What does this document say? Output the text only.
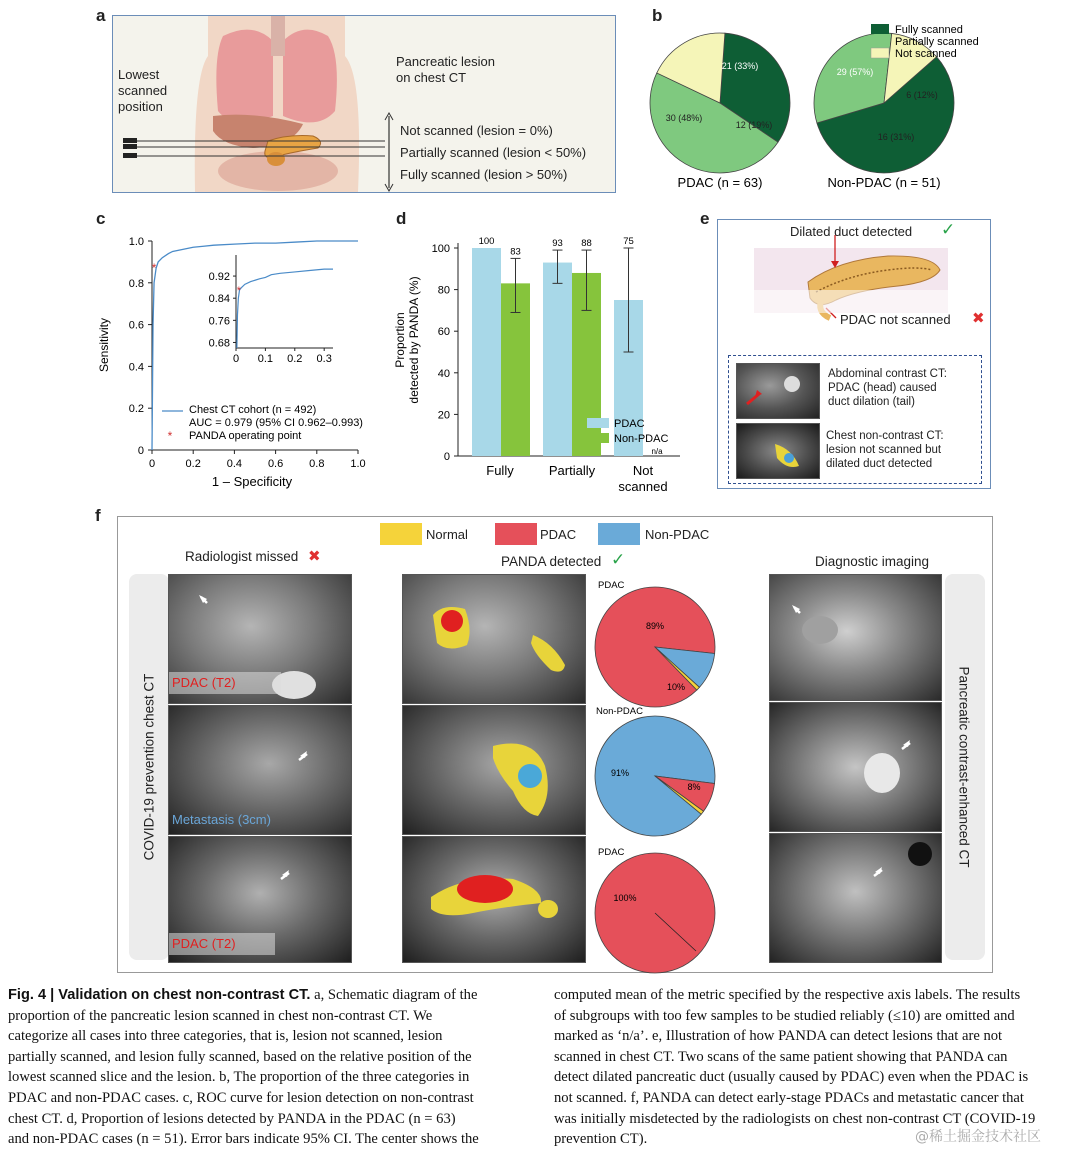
a
Lowest
scanned
position
Pancreatic lesion
on chest CT
Not scanned (lesion = 0%)
Partially scanned (lesion < 50%)
Fully scanned (lesion > 50%)
b
21 (33%)
30 (48%)
12 (19%)
29 (57%)
16 (31%)
6 (12%)
Fully scanned
Partially scanned
Not scanned
PDAC (n = 63)	Non-PDAC (n = 51)
c
Sensitivity
1 – Specificity
0	0.2 0.4 0.6 0.8 1.0
0
0.2
0.4
0.6
0.8
1.0
*
0 0.1 0.2 0.3
0.68
0.76
0.84
0.92
*
Chest CT cohort (n = 492)
AUC = 0.979 (95% CI 0.962–0.993)
* PANDA operating point
d
Proportion detected by PANDA (%)
0
20
40
60
80
100
100	93	75
83
88
n/a
Fully	Partially	Not
scanned
PDAC
Non-PDAC
e
Dilated duct detected ✓
PDAC not scanned ✖
Abdominal contrast CT:
PDAC (head) caused
duct dilation (tail)
Chest non-contrast CT:
lesion not scanned but
dilated duct detected
f
Normal	PDAC	Non-PDAC
Radiologist missed ✖	PANDA detected ✓	Diagnostic imaging
COVID-19 prevention chest CT	Pancreatic contrast-enhanced CT
PDAC (T2)
Metastasis (3cm)
PDAC (T2)
PDAC
Non-PDAC
PDAC
89%
10%
91%
8%
100%
Fig. 4 | Validation on chest non-contrast CT. a, Schematic diagram of the
proportion of the pancreatic lesion scanned in chest non-contrast CT. We
categorize all cases into three categories, that is, lesion not scanned, lesion
partially scanned, and lesion fully scanned, based on the relative position of the
lowest scanned slice and the lesion. b, The proportion of the three categories in
PDAC and non-PDAC cases. c, ROC curve for lesion detection on non-contrast
chest CT. d, Proportion of lesions detected by PANDA in the PDAC (n = 63)
and non-PDAC cases (n = 51). Error bars indicate 95% CI. The center shows the
computed mean of the metric specified by the respective axis labels. The results
of subgroups with too few samples to be studied reliably (≤10) are omitted and
marked as ‘n/a’. e, Illustration of how PANDA can detect lesions that are not
scanned in chest CT. Two scans of the same patient showing that PANDA can
detect dilated pancreatic duct (usually caused by PDAC) even when the PDAC is
not scanned. f, PANDA can detect early-stage PDACs and metastatic cancer that
was initially misdetected by the radiologists on chest non-contrast CT (COVID-19
prevention CT).	@稀土掘金技术社区
